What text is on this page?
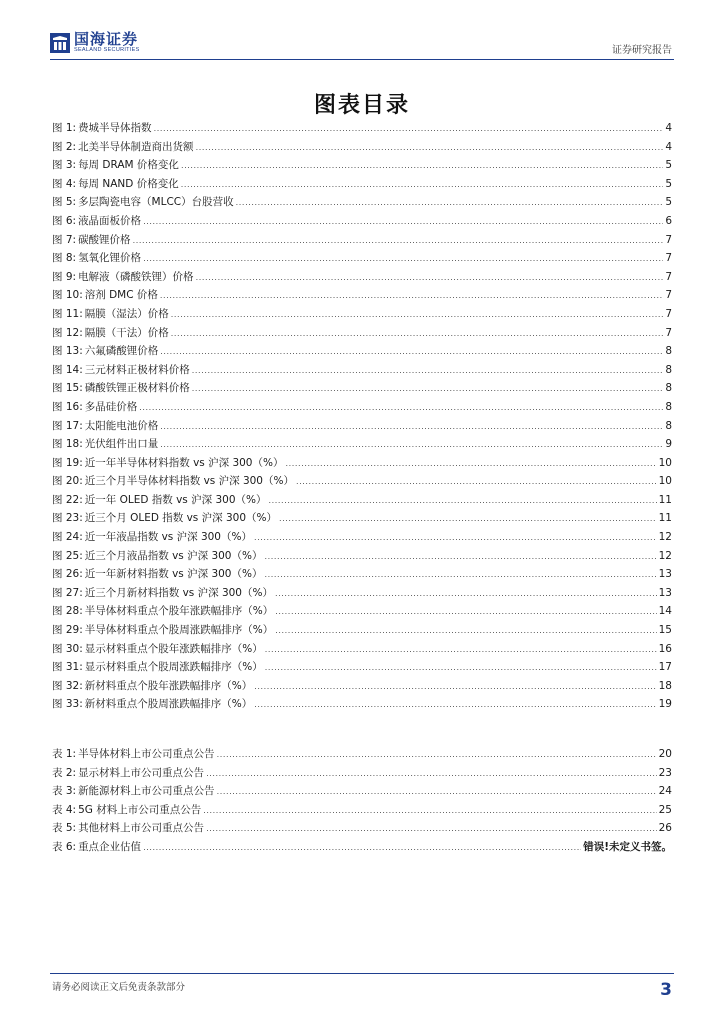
国海证券
SEALAND SECURITIES	证券研究报告
图表目录
图 1: 费城半导体指数 .....	4
图 2: 北美半导体制造商出货额 .....	4
图 3: 每周 DRAM 价格变化 .....	5
图 4: 每周 NAND 价格变化 .....	5
图 5: 多层陶瓷电容（MLCC）台股营收 .....	5
图 6: 液晶面板价格 .....	6
图 7: 碳酸锂价格 .....	7
图 8: 氢氧化锂价格 .....	7
图 9: 电解液（磷酸铁锂）价格 .....	7
图 10: 溶剂 DMC 价格 .....	7
图 11: 隔膜（湿法）价格 .....	7
图 12: 隔膜（干法）价格 .....	7
图 13: 六氟磷酸锂价格 .....	8
图 14: 三元材料正极材料价格 .....	8
图 15: 磷酸铁锂正极材料价格 .....	8
图 16: 多晶硅价格 .....	8
图 17: 太阳能电池价格 .....	8
图 18: 光伏组件出口量 .....	9
图 19: 近一年半导体材料指数 vs 沪深 300（%） .....	10
图 20: 近三个月半导体材料指数 vs 沪深 300（%） .....	10
图 22: 近一年 OLED 指数 vs 沪深 300（%） .....	11
图 23: 近三个月 OLED 指数 vs 沪深 300（%） .....	11
图 24: 近一年液晶指数 vs 沪深 300（%） .....	12
图 25: 近三个月液晶指数 vs 沪深 300（%） .....	12
图 26: 近一年新材料指数 vs 沪深 300（%） .....	13
图 27: 近三个月新材料指数 vs 沪深 300（%） .....	13
图 28: 半导体材料重点个股年涨跌幅排序（%） .....	14
图 29: 半导体材料重点个股周涨跌幅排序（%） .....	15
图 30: 显示材料重点个股年涨跌幅排序（%） .....	16
图 31: 显示材料重点个股周涨跌幅排序（%） .....	17
图 32: 新材料重点个股年涨跌幅排序（%） .....	18
图 33: 新材料重点个股周涨跌幅排序（%） .....	19
表 1: 半导体材料上市公司重点公告 .....	20
表 2: 显示材料上市公司重点公告 .....	23
表 3: 新能源材料上市公司重点公告 .....	24
表 4: 5G 材料上市公司重点公告 .....	25
表 5: 其他材料上市公司重点公告 .....	26
表 6: 重点企业估值 .....	错误!未定义书签。
请务必阅读正文后免责条款部分	3
